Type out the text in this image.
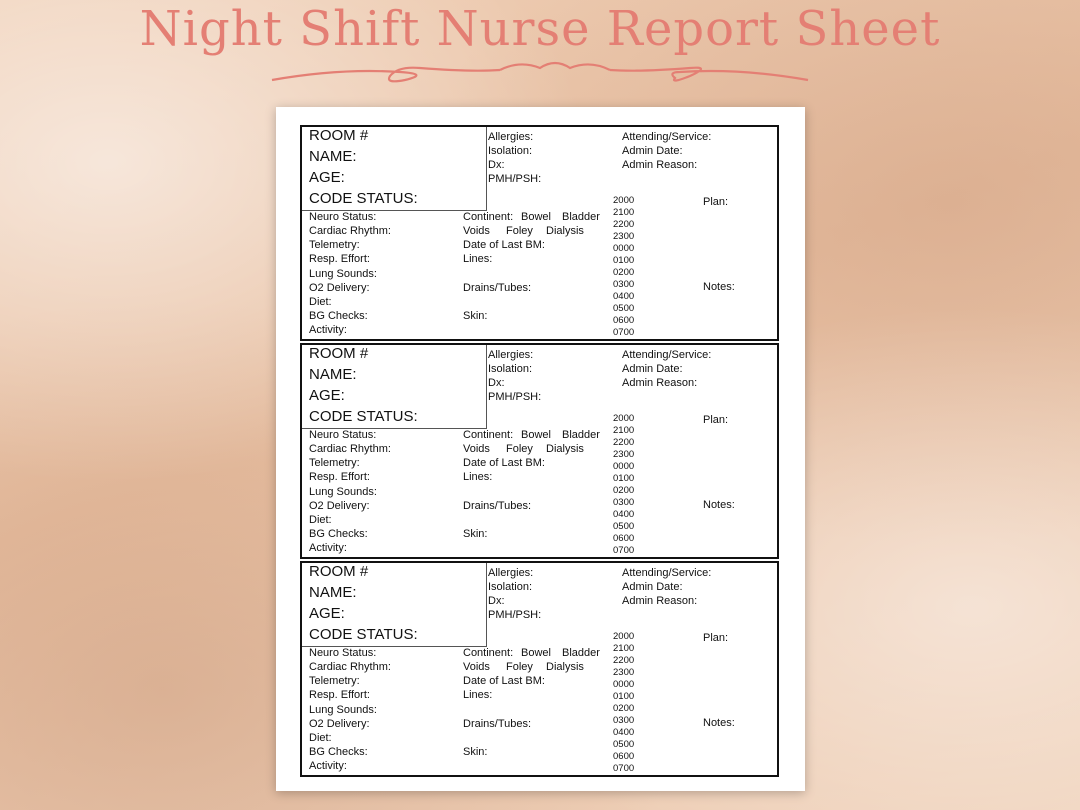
Night Shift Nurse Report Sheet
ROOM #
NAME:
AGE:
CODE STATUS:
Allergies:
Isolation:
Dx:
PMH/PSH:
Attending/Service:
Admin Date:
Admin Reason:
Neuro Status:
Cardiac Rhythm:
Telemetry:
Resp. Effort:
Lung Sounds:
O2 Delivery:
Diet:
BG Checks:
Activity:
Continent: Bowel Bladder
Voids Foley Dialysis
Date of Last BM:
Lines:
Drains/Tubes:
Skin:
2000
2100
2200
2300
0000
0100
0200
0300
0400
0500
0600
0700
Plan:
Notes:
ROOM #
NAME:
AGE:
CODE STATUS:
Allergies:
Isolation:
Dx:
PMH/PSH:
Attending/Service:
Admin Date:
Admin Reason:
Neuro Status:
Cardiac Rhythm:
Telemetry:
Resp. Effort:
Lung Sounds:
O2 Delivery:
Diet:
BG Checks:
Activity:
Continent: Bowel Bladder
Voids Foley Dialysis
Date of Last BM:
Lines:
Drains/Tubes:
Skin:
2000
2100
2200
2300
0000
0100
0200
0300
0400
0500
0600
0700
Plan:
Notes:
ROOM #
NAME:
AGE:
CODE STATUS:
Allergies:
Isolation:
Dx:
PMH/PSH:
Attending/Service:
Admin Date:
Admin Reason:
Neuro Status:
Cardiac Rhythm:
Telemetry:
Resp. Effort:
Lung Sounds:
O2 Delivery:
Diet:
BG Checks:
Activity:
Continent: Bowel Bladder
Voids Foley Dialysis
Date of Last BM:
Lines:
Drains/Tubes:
Skin:
2000
2100
2200
2300
0000
0100
0200
0300
0400
0500
0600
0700
Plan:
Notes:
